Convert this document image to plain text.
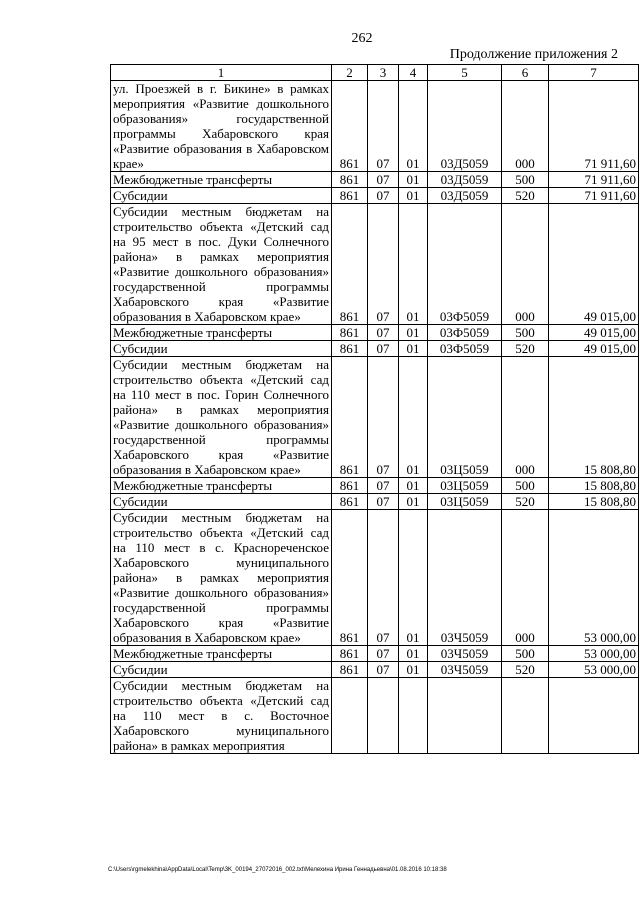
262
Продолжение приложения 2
1	2	3	4	5	6	7
ул. Проезжей в г. Бикине» в рамках мероприятия «Развитие дошкольного образования» государственной программы Хабаровского края «Развитие образования в Хабаровском крае»	861	07	01	03Д5059	000	71 911,60
Межбюджетные трансферты	861	07	01	03Д5059	500	71 911,60
Субсидии	861	07	01	03Д5059	520	71 911,60
Субсидии местным бюджетам на строительство объекта «Детский сад на 95 мест в пос. Дуки Солнечного района» в рамках мероприятия «Развитие дошкольного образования» государственной программы Хабаровского края «Развитие образования в Хабаровском крае»	861	07	01	03Ф5059	000	49 015,00
Межбюджетные трансферты	861	07	01	03Ф5059	500	49 015,00
Субсидии	861	07	01	03Ф5059	520	49 015,00
Субсидии местным бюджетам на строительство объекта «Детский сад на 110 мест в пос. Горин Солнечного района» в рамках мероприятия «Развитие дошкольного образования» государственной программы Хабаровского края «Развитие образования в Хабаровском крае»	861	07	01	03Ц5059	000	15 808,80
Межбюджетные трансферты	861	07	01	03Ц5059	500	15 808,80
Субсидии	861	07	01	03Ц5059	520	15 808,80
Субсидии местным бюджетам на строительство объекта «Детский сад на 110 мест в с. Краснореченское Хабаровского муниципального района» в рамках мероприятия «Развитие дошкольного образования» государственной программы Хабаровского края «Развитие образования в Хабаровском крае»	861	07	01	03Ч5059	000	53 000,00
Межбюджетные трансферты	861	07	01	03Ч5059	500	53 000,00
Субсидии	861	07	01	03Ч5059	520	53 000,00
Субсидии местным бюджетам на строительство объекта «Детский сад на 110 мест в с. Восточное Хабаровского муниципального района» в рамках мероприятия						
C:\Users\rgmelekhina\AppData\Local\Temp\3K_00194_27072016_002.txt\Мелехина Ирина Геннадьевна\01.08.2016 10:18:38
